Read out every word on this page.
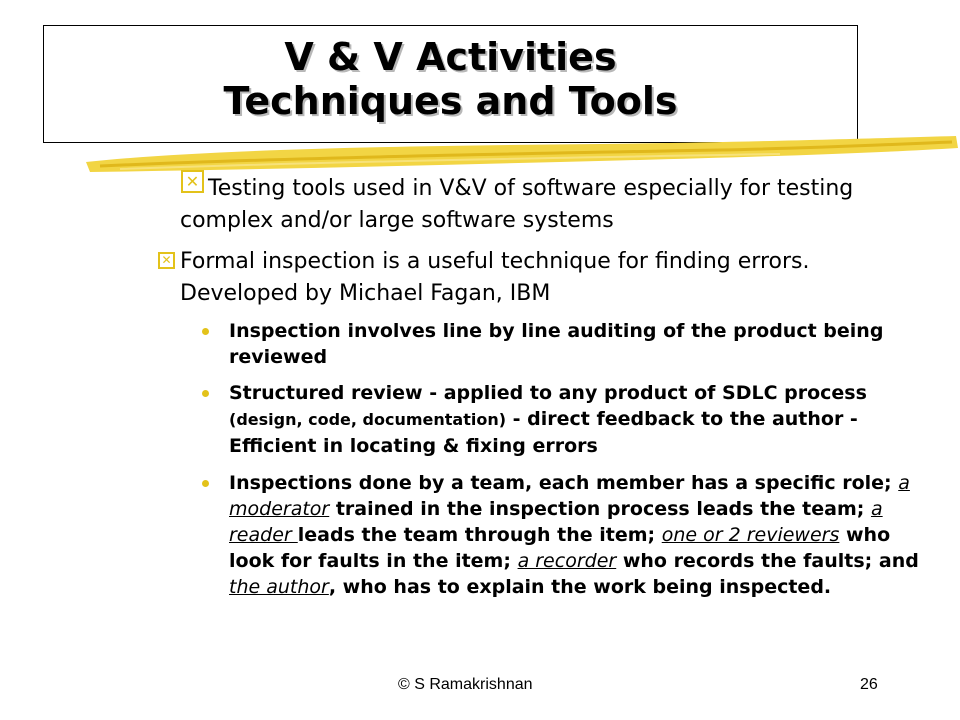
V & V Activities
Techniques and Tools
✕ Testing tools used in V&V of software especially for testing
complex and/or large software systems
✕ Formal inspection is a useful technique for finding errors.
Developed by Michael Fagan, IBM
Inspection involves line by line auditing of the product being reviewed
Structured review - applied to any product of SDLC process (design, code, documentation) - direct feedback to the author - Efficient in locating & fixing errors
Inspections done by a team, each member has a specific role; a moderator trained in the inspection process leads the team; a reader leads the team through the item; one or 2 reviewers who look for faults in the item; a recorder who records the faults; and the author, who has to explain the work being inspected.
© S Ramakrishnan	26
